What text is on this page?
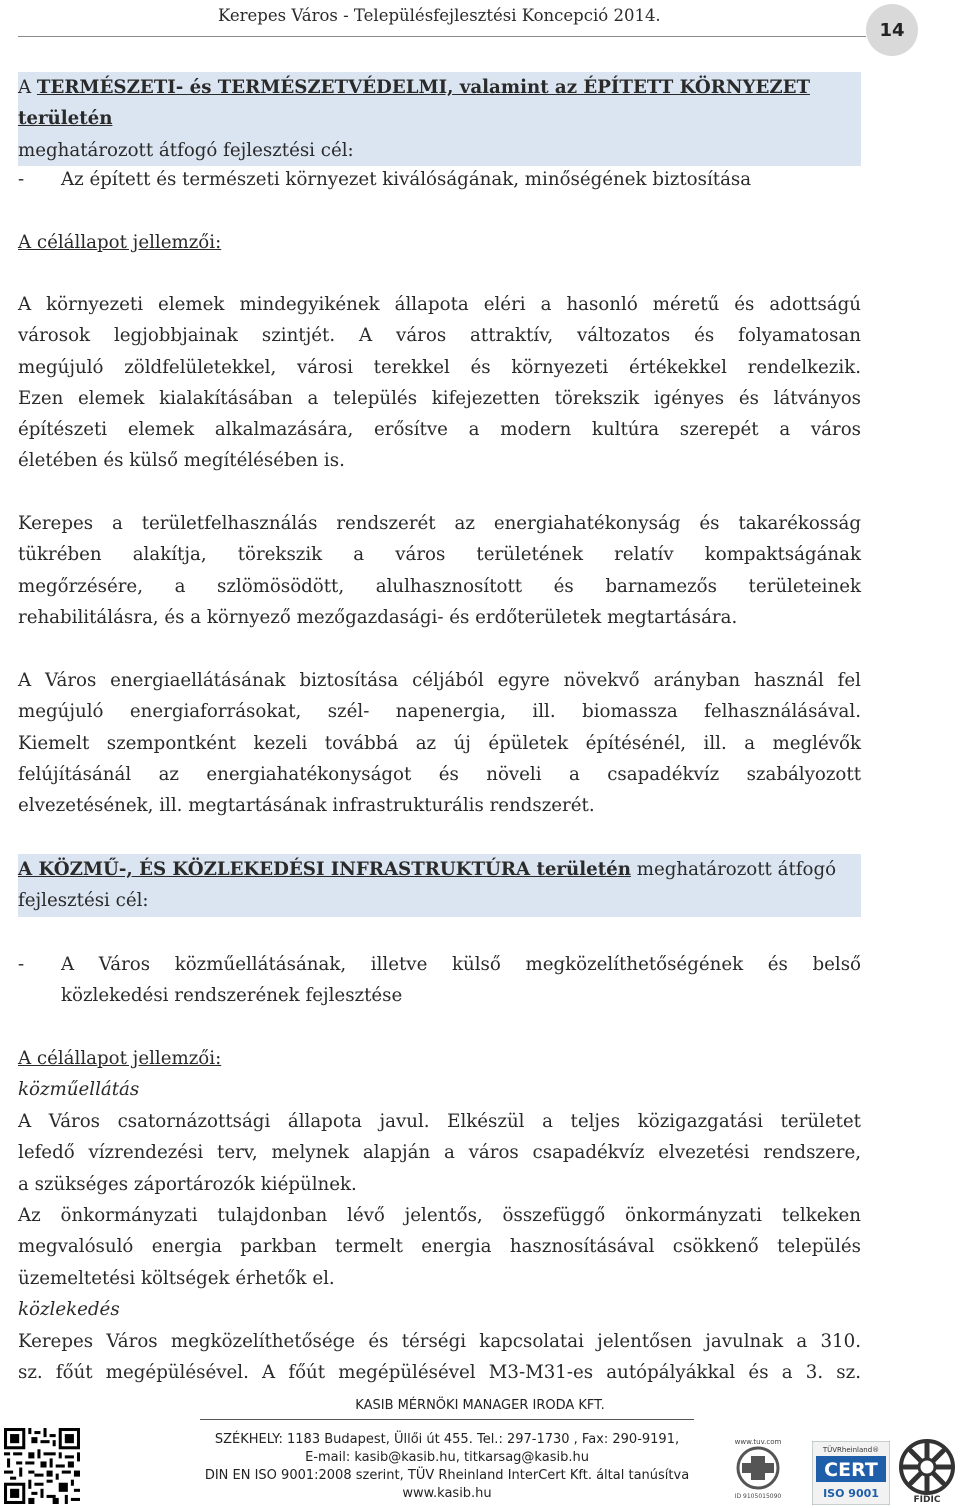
Kerepes Város - Településfejlesztési Koncepció 2014.
14
A TERMÉSZETI- és TERMÉSZETVÉDELMI, valamint az ÉPÍTETT KÖRNYEZET területén
meghatározott átfogó fejlesztési cél:
- Az épített és természeti környezet kiválóságának, minőségének biztosítása
A célállapot jellemzői:
A környezeti elemek mindegyikének állapota eléri a hasonló méretű és adottságú
városok legjobbjainak szintjét. A város attraktív, változatos és folyamatosan
megújuló zöldfelületekkel, városi terekkel és környezeti értékekkel rendelkezik.
Ezen elemek kialakításában a település kifejezetten törekszik igényes és látványos
építészeti elemek alkalmazására, erősítve a modern kultúra szerepét a város
életében és külső megítélésében is.
Kerepes a területfelhasználás rendszerét az energiahatékonyság és takarékosság
tükrében alakítja, törekszik a város területének relatív kompaktságának
megőrzésére, a szlömösödött, alulhasznosított és barnamezős területeinek
rehabilitálásra, és a környező mezőgazdasági- és erdőterületek megtartására.
A Város energiaellátásának biztosítása céljából egyre növekvő arányban használ fel
megújuló energiaforrásokat, szél- napenergia, ill. biomassza felhasználásával.
Kiemelt szempontként kezeli továbbá az új épületek építésénél, ill. a meglévők
felújításánál az energiahatékonyságot és növeli a csapadékvíz szabályozott
elvezetésének, ill. megtartásának infrastrukturális rendszerét.
A KÖZMŰ-, ÉS KÖZLEKEDÉSI INFRASTRUKTÚRA területén meghatározott átfogó
fejlesztési cél:
- A Város közműellátásának, illetve külső megközelíthetőségének és belső
közlekedési rendszerének fejlesztése
A célállapot jellemzői:
közműellátás
A Város csatornázottsági állapota javul. Elkészül a teljes közigazgatási területet
lefedő vízrendezési terv, melynek alapján a város csapadékvíz elvezetési rendszere,
a szükséges záportározók kiépülnek.
Az önkormányzati tulajdonban lévő jelentős, összefüggő önkormányzati telkeken
megvalósuló energia parkban termelt energia hasznosításával csökkenő település
üzemeltetési költségek érhetők el.
közlekedés
Kerepes Város megközelíthetősége és térségi kapcsolatai jelentősen javulnak a 310.
sz. főút megépülésével. A főút megépülésével M3-M31-es autópályákkal és a 3. sz.
KASIB MÉRNÖKI MANAGER IRODA KFT.
SZÉKHELY: 1183 Budapest, Üllői út 455. Tel.: 297-1730 , Fax: 290-9191,
E-mail: kasib@kasib.hu, titkarsag@kasib.hu
DIN EN ISO 9001:2008 szerint, TÜV Rheinland InterCert Kft. által tanúsítva
www.kasib.hu
www.tuv.com
ID 9105015090
TÜVRheinland®
CERT
ISO 9001	FIDIC
